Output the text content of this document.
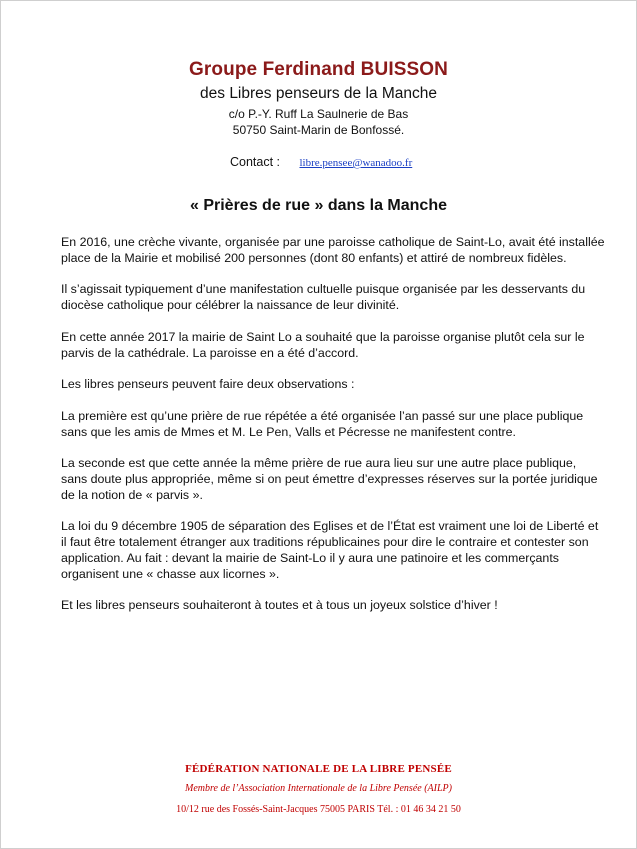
Groupe Ferdinand BUISSON
des Libres penseurs de la Manche
c/o P.-Y. Ruff La Saulnerie de Bas
50750 Saint-Marin de Bonfossé.
Contact : libre.pensee@wanadoo.fr
« Prières de rue » dans la Manche

En 2016, une crèche vivante, organisée par une paroisse catholique de Saint-Lo, avait été installée
place de la Mairie et mobilisé 200 personnes (dont 80 enfants) et attiré de nombreux fidèles.

Il s’agissait typiquement d’une manifestation cultuelle puisque organisée par les desservants du
diocèse catholique pour célébrer la naissance de leur divinité.

En cette année 2017 la mairie de Saint Lo a souhaité que la paroisse organise plutôt cela sur le
parvis de la cathédrale. La paroisse en a été d’accord.

Les libres penseurs peuvent faire deux observations :

La première est qu’une prière de rue répétée a été organisée l’an passé sur une place publique
sans que les amis de Mmes et M. Le Pen, Valls et Pécresse ne manifestent contre.

La seconde est que cette année la même prière de rue aura lieu sur une autre place publique,
sans doute plus appropriée, même si on peut émettre d’expresses réserves sur la portée juridique
de la notion de « parvis ».

La loi du 9 décembre 1905 de séparation des Eglises et de l’État est vraiment une loi de Liberté et
il faut être totalement étranger aux traditions républicaines pour dire le contraire et contester son
application. Au fait : devant la mairie de Saint-Lo il y aura une patinoire et les commerçants
organisent une « chasse aux licornes ».

Et les libres penseurs souhaiteront à toutes et à tous un joyeux solstice d’hiver !

FÉDÉRATION NATIONALE DE LA LIBRE PENSÉE
Membre de l’Association Internationale de la Libre Pensée (AILP)
10/12 rue des Fossés-Saint-Jacques 75005 PARIS Tél. : 01 46 34 21 50
